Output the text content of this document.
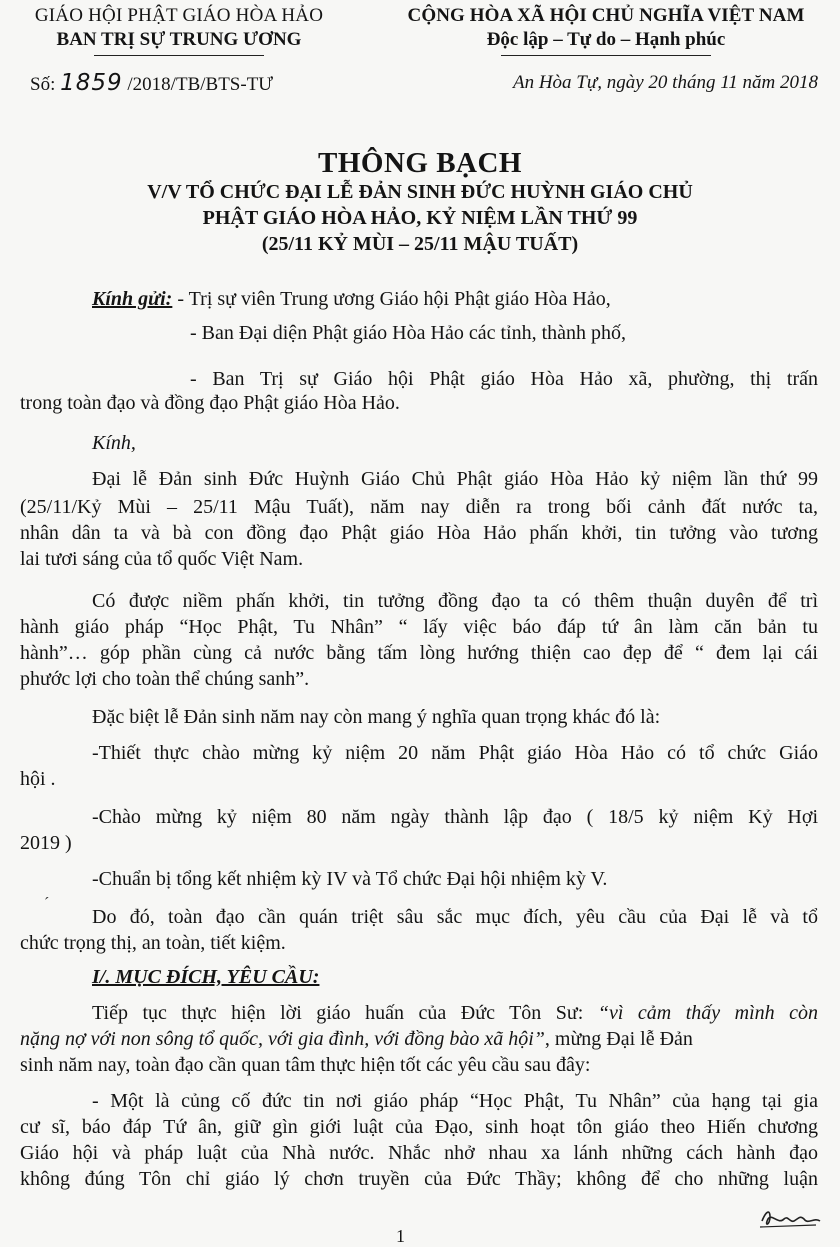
GIÁO HỘI PHẬT GIÁO HÒA HẢO
BAN TRỊ SỰ TRUNG ƯƠNG
CỘNG HÒA XÃ HỘI CHỦ NGHĨA VIỆT NAM
Độc lập – Tự do – Hạnh phúc
Số: 1859 /2018/TB/BTS-TƯ	An Hòa Tự, ngày 20 tháng 11 năm 2018
THÔNG BẠCH
V/V TỔ CHỨC ĐẠI LỄ ĐẢN SINH ĐỨC HUỲNH GIÁO CHỦ
PHẬT GIÁO HÒA HẢO, KỶ NIỆM LẦN THỨ 99
(25/11 KỶ MÙI – 25/11 MẬU TUẤT)
Kính gửi: - Trị sự viên Trung ương Giáo hội Phật giáo Hòa Hảo,
- Ban Đại diện Phật giáo Hòa Hảo các tỉnh, thành phố,
- Ban Trị sự Giáo hội Phật giáo Hòa Hảo xã, phường, thị trấn
trong toàn đạo và đồng đạo Phật giáo Hòa Hảo.
Kính,
Đại lễ Đản sinh Đức Huỳnh Giáo Chủ Phật giáo Hòa Hảo kỷ niệm lần thứ 99
(25/11/Kỷ Mùi – 25/11 Mậu Tuất), năm nay diễn ra trong bối cảnh đất nước ta,
nhân dân ta và bà con đồng đạo Phật giáo Hòa Hảo phấn khởi, tin tưởng vào tương
lai tươi sáng của tổ quốc Việt Nam.
Có được niềm phấn khởi, tin tưởng đồng đạo ta có thêm thuận duyên để trì
hành giáo pháp “Học Phật, Tu Nhân” “ lấy việc báo đáp tứ ân làm căn bản tu
hành”… góp phần cùng cả nước bằng tấm lòng hướng thiện cao đẹp để “ đem lại cái
phước lợi cho toàn thể chúng sanh”.
Đặc biệt lễ Đản sinh năm nay còn mang ý nghĩa quan trọng khác đó là:
-Thiết thực chào mừng kỷ niệm 20 năm Phật giáo Hòa Hảo có tổ chức Giáo
hội .
-Chào mừng kỷ niệm 80 năm ngày thành lập đạo ( 18/5 kỷ niệm Kỷ Hợi
2019 )
-Chuẩn bị tổng kết nhiệm kỳ IV và Tổ chức Đại hội nhiệm kỳ V.
´
Do đó, toàn đạo cần quán triệt sâu sắc mục đích, yêu cầu của Đại lễ và tổ
chức trọng thị, an toàn, tiết kiệm.
I/. MỤC ĐÍCH, YÊU CẦU:
Tiếp tục thực hiện lời giáo huấn của Đức Tôn Sư: “vì cảm thấy mình còn
nặng nợ với non sông tổ quốc, với gia đình, với đồng bào xã hội”, mừng Đại lễ Đản
sinh năm nay, toàn đạo cần quan tâm thực hiện tốt các yêu cầu sau đây:
- Một là củng cố đức tin nơi giáo pháp “Học Phật, Tu Nhân” của hạng tại gia
cư sĩ, báo đáp Tứ ân, giữ gìn giới luật của Đạo, sinh hoạt tôn giáo theo Hiến chương
Giáo hội và pháp luật của Nhà nước. Nhắc nhở nhau xa lánh những cách hành đạo
không đúng Tôn chỉ giáo lý chơn truyền của Đức Thầy; không để cho những luận
1
